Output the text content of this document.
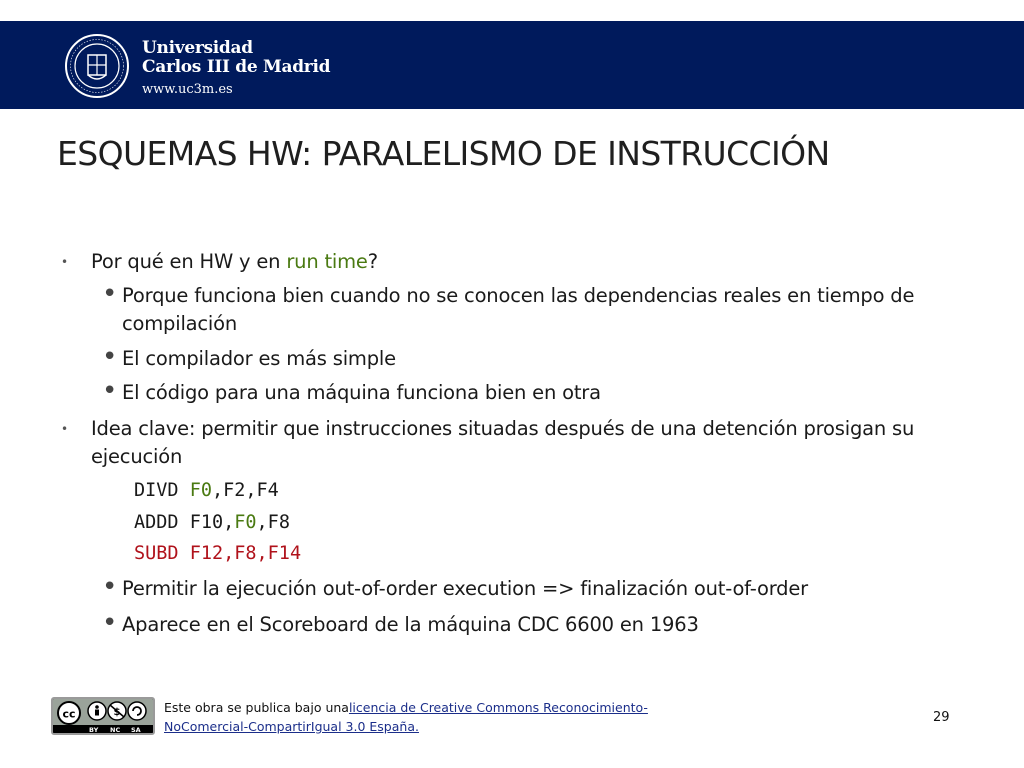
Universidad
Carlos III de Madrid
www.uc3m.es
ESQUEMAS HW: PARALELISMO DE INSTRUCCIÓN
• Por qué en HW y en run time?
• Porque funciona bien cuando no se conocen las dependencias reales en tiempo de
compilación
• El compilador es más simple
• El código para una máquina funciona bien en otra
• Idea clave: permitir que instrucciones situadas después de una detención prosigan su
ejecución
DIVD F0,F2,F4
ADDD F10,F0,F8
SUBD F12,F8,F14
• Permitir la ejecución out-of-order execution => finalización out-of-order
• Aparece en el Scoreboard de la máquina CDC 6600 en 1963
cc	$
BY NC SA
Este obra se publica bajo unalicencia de Creative Commons Reconocimiento-
NoComercial-CompartirIgual 3.0 España.
29
